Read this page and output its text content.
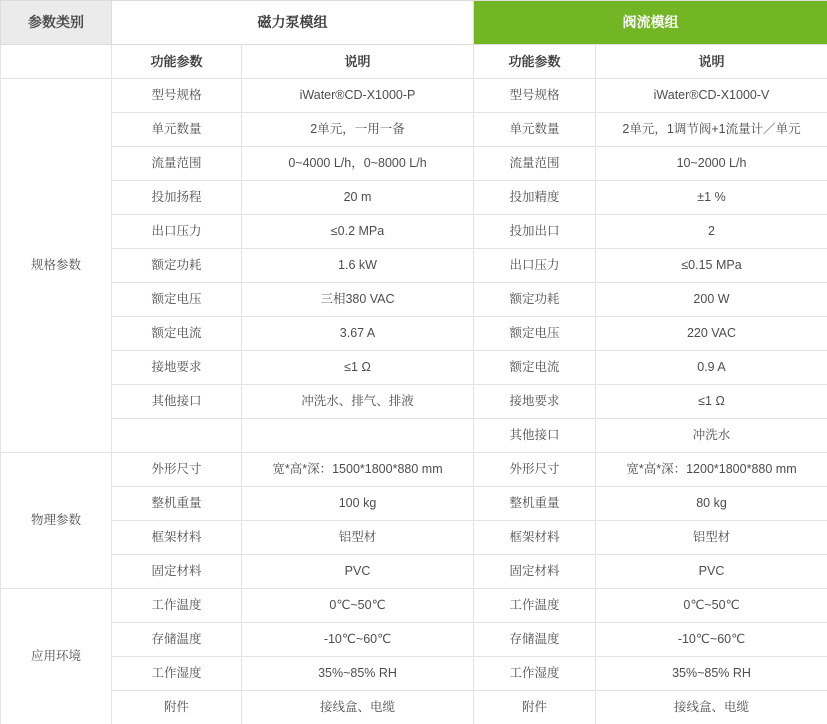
参数类别	磁力泵模组		阀流模组	
	功能参数	说明	功能参数	说明
规格参数	型号规格	iWater®CD-X1000-P	型号规格	iWater®CD-X1000-V
	单元数量	2单元，一用一备	单元数量	2单元，1调节阀+1流量计／单元
	流量范围	0~4000 L/h，0~8000 L/h	流量范围	10~2000 L/h
	投加扬程	20 m	投加精度	±1 %
	出口压力	≤0.2 MPa	投加出口	2
	额定功耗	1.6 kW	出口压力	≤0.15 MPa
	额定电压	三相380 VAC	额定功耗	200 W
	额定电流	3.67 A	额定电压	220 VAC
	接地要求	≤1 Ω	额定电流	0.9 A
	其他接口	冲洗水、排气、排液	接地要求	≤1 Ω
			其他接口	冲洗水
物理参数	外形尺寸	宽*高*深：1500*1800*880 mm	外形尺寸	宽*高*深：1200*1800*880 mm
	整机重量	100 kg	整机重量	80 kg
	框架材料	铝型材	框架材料	铝型材
	固定材料	PVC	固定材料	PVC
应用环境	工作温度	0℃~50℃	工作温度	0℃~50℃
	存储温度	-10℃~60℃	存储温度	-10℃~60℃
	工作湿度	35%~85% RH	工作湿度	35%~85% RH
	附件	接线盒、电缆	附件	接线盒、电缆
